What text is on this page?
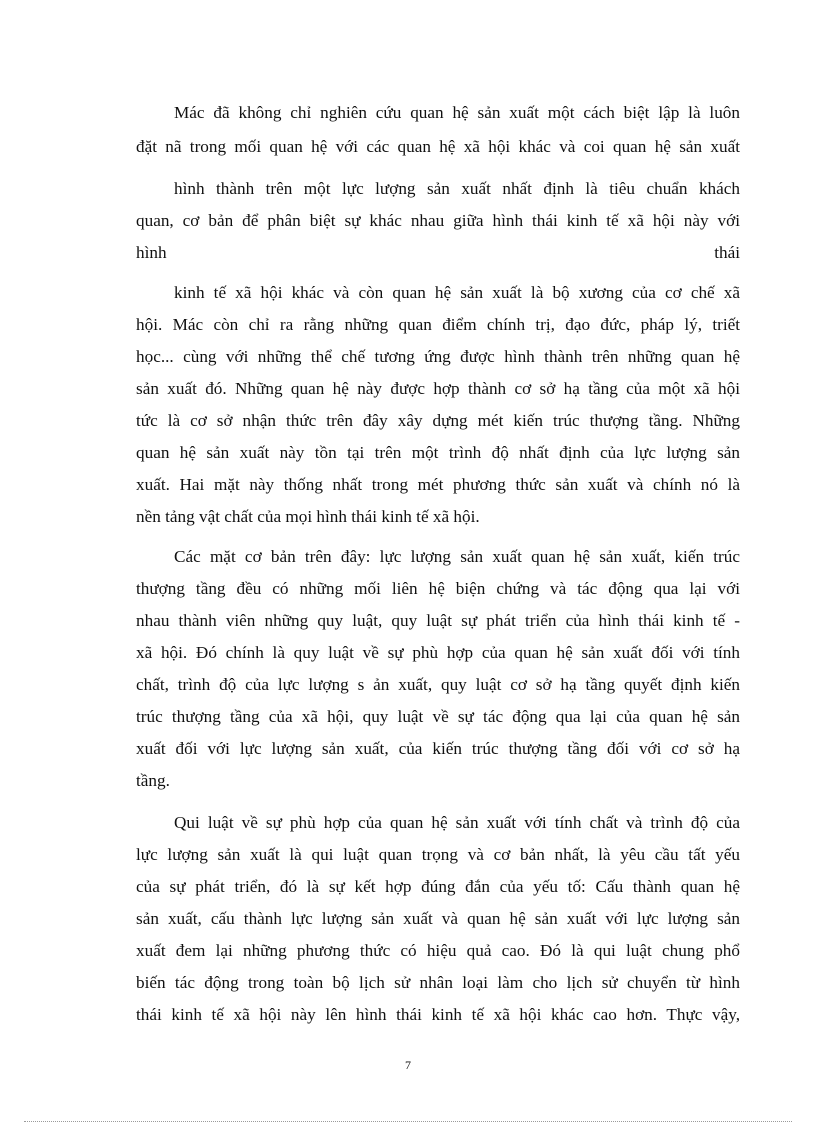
Mác đã không chỉ nghiên cứu quan hệ sản xuất một cách biệt lập là luôn
đặt nã trong mối quan hệ với các quan hệ xã hội khác và coi quan hệ sản xuất
hình thành trên một lực lượng sản xuất nhất định là tiêu chuẩn khách
quan, cơ bản để phân biệt sự khác nhau giữa hình thái kinh tế xã hội này với
hình thái
kinh tế xã hội khác và còn quan hệ sản xuất là bộ xương của cơ chế xã
hội. Mác còn chỉ ra rằng những quan điểm chính trị, đạo đức, pháp lý, triết
học... cùng với những thể chế tương ứng được hình thành trên những quan hệ
sản xuất đó. Những quan hệ này được hợp thành cơ sở hạ tầng của một xã hội
tức là cơ sở nhận thức trên đây xây dựng mét kiến trúc thượng tầng. Những
quan hệ sản xuất này tồn tại trên một trình độ nhất định của lực lượng sản
xuất. Hai mặt này thống nhất trong mét phương thức sản xuất và chính nó là
nền tảng vật chất của mọi hình thái kinh tế xã hội.
Các mặt cơ bản trên đây: lực lượng sản xuất quan hệ sản xuất, kiến trúc
thượng tầng đều có những mối liên hệ biện chứng và tác động qua lại với
nhau thành viên những quy luật, quy luật sự phát triển của hình thái kinh tế -
xã hội. Đó chính là quy luật về sự phù hợp của quan hệ sản xuất đối với tính
chất, trình độ của lực lượng s ản xuất, quy luật cơ sở hạ tầng quyết định kiến
trúc thượng tầng của xã hội, quy luật về sự tác động qua lại của quan hệ sản
xuất đối với lực lượng sản xuất, của kiến trúc thượng tầng đối với cơ sở hạ
tầng.
Qui luật về sự phù hợp của quan hệ sản xuất với tính chất và trình độ của
lực lượng sản xuất là qui luật quan trọng và cơ bản nhất, là yêu cầu tất yếu
của sự phát triển, đó là sự kết hợp đúng đắn của yếu tố: Cấu thành quan hệ
sản xuất, cấu thành lực lượng sản xuất và quan hệ sản xuất với lực lượng sản
xuất đem lại những phương thức có hiệu quả cao. Đó là qui luật chung phổ
biến tác động trong toàn bộ lịch sử nhân loại làm cho lịch sử chuyển từ hình
thái kinh tế xã hội này lên hình thái kinh tế xã hội khác cao hơn. Thực vậy,
7
